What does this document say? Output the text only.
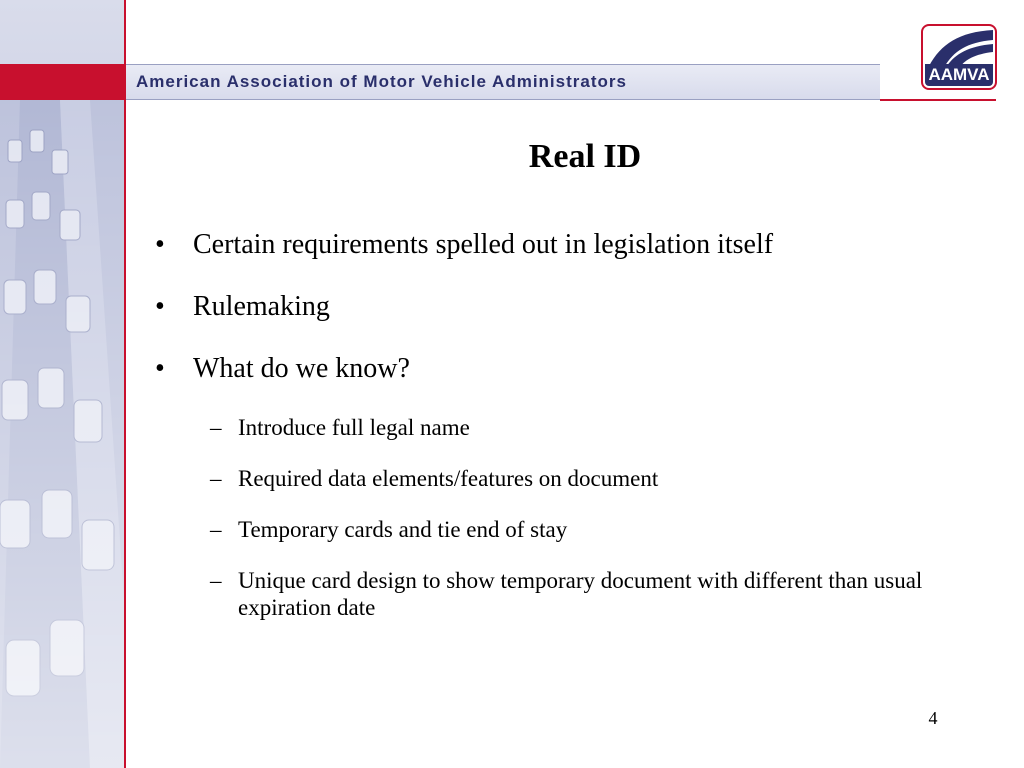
American Association of Motor Vehicle Administrators	AAMVA
Real ID
• Certain requirements spelled out in legislation itself
• Rulemaking
• What do we know?
– Introduce full legal name
– Required data elements/features on document
– Temporary cards and tie end of stay
– Unique card design to show temporary document with different than usual expiration date
4
